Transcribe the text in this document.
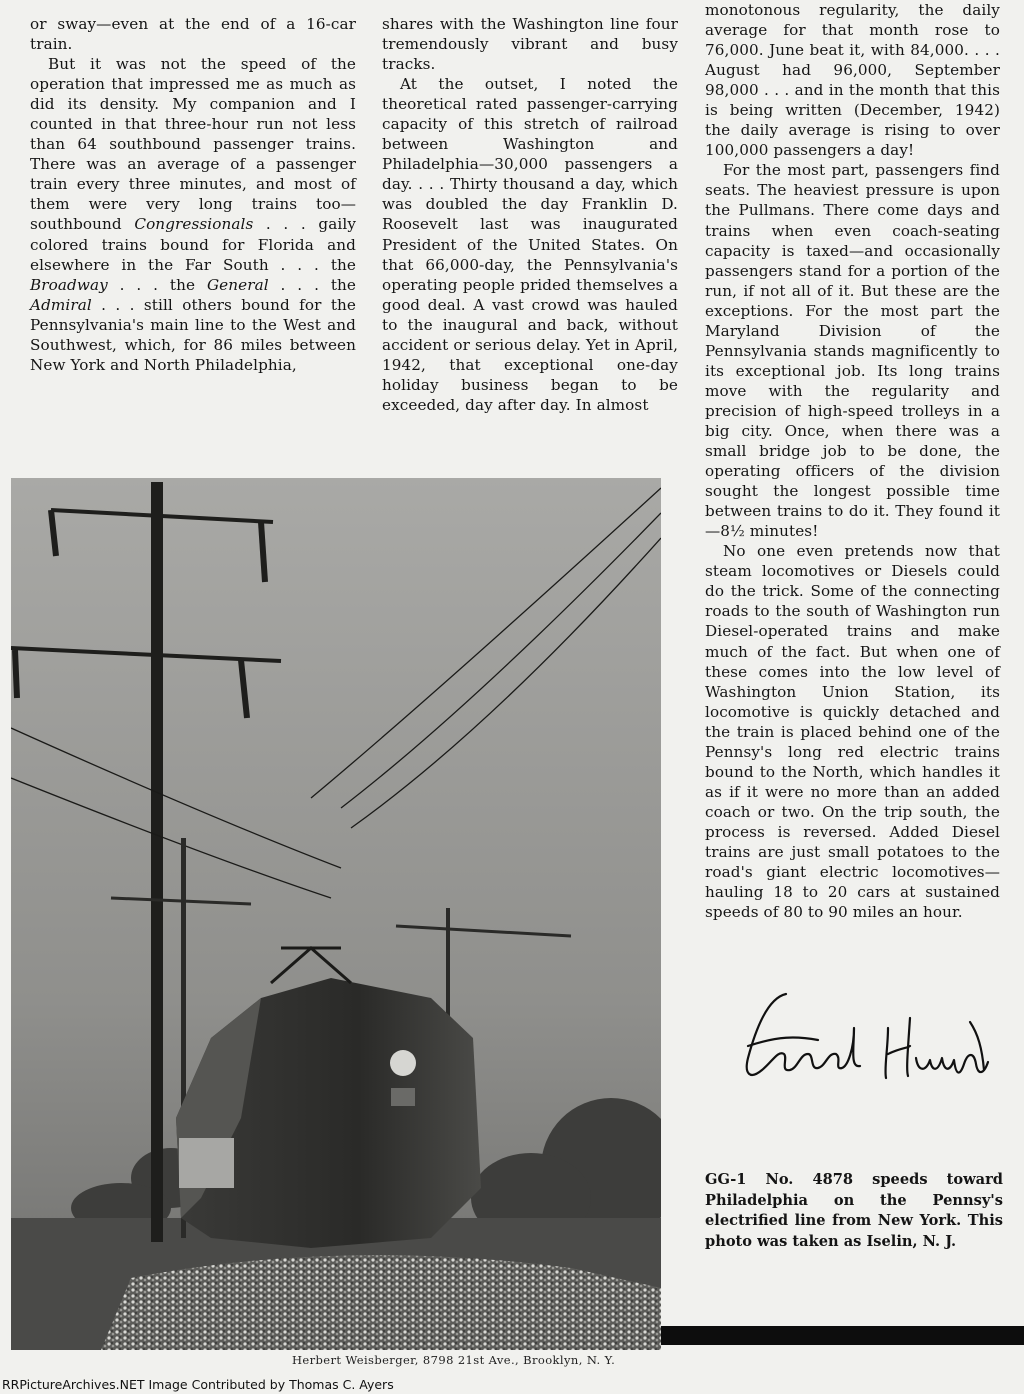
or sway—even at the end of a 16-car train.

But it was not the speed of the operation that impressed me as much as did its density. My companion and I counted in that three-hour run not less than 64 southbound passenger trains. There was an average of a passenger train every three minutes, and most of them were very long trains too—southbound Congressionals . . . gaily colored trains bound for Florida and elsewhere in the Far South . . . the Broadway . . . the General . . . the Admiral . . . still others bound for the Pennsylvania's main line to the West and Southwest, which, for 86 miles between New York and North Philadelphia,

shares with the Washington line four tremendously vibrant and busy tracks.

At the outset, I noted the theoretical rated passenger-carrying capacity of this stretch of railroad between Washington and Philadelphia—30,000 passengers a day. . . . Thirty thousand a day, which was doubled the day Franklin D. Roosevelt last was inaugurated President of the United States. On that 66,000-day, the Pennsylvania's operating people prided themselves a good deal. A vast crowd was hauled to the inaugural and back, without accident or serious delay. Yet in April, 1942, that exceptional one-day holiday business began to be exceeded, day after day. In almost

monotonous regularity, the daily average for that month rose to 76,000. June beat it, with 84,000. . . . August had 96,000, September 98,000 . . . and in the month that this is being written (December, 1942) the daily average is rising to over 100,000 passengers a day!

For the most part, passengers find seats. The heaviest pressure is upon the Pullmans. There come days and trains when even coach-seating capacity is taxed—and occasionally passengers stand for a portion of the run, if not all of it. But these are the exceptions. For the most part the Maryland Division of the Pennsylvania stands magnificently to its exceptional job. Its long trains move with the regularity and precision of high-speed trolleys in a big city. Once, when there was a small bridge job to be done, the operating officers of the division sought the longest possible time between trains to do it. They found it—8½ minutes!

No one even pretends now that steam locomotives or Diesels could do the trick. Some of the connecting roads to the south of Washington run Diesel-operated trains and make much of the fact. But when one of these comes into the low level of Washington Union Station, its locomotive is quickly detached and the train is placed behind one of the Pennsy's long red electric trains bound to the North, which handles it as if it were no more than an added coach or two. On the trip south, the process is reversed. Added Diesel trains are just small potatoes to the road's giant electric locomotives—hauling 18 to 20 cars at sustained speeds of 80 to 90 miles an hour.

Herbert Weisberger, 8798 21st Ave., Brooklyn, N. Y.
GG-1 No. 4878 speeds toward Philadelphia on the Pennsy's electrified line from New York. This photo was taken as Iselin, N. J.
RRPictureArchives.NET Image Contributed by Thomas C. Ayers
